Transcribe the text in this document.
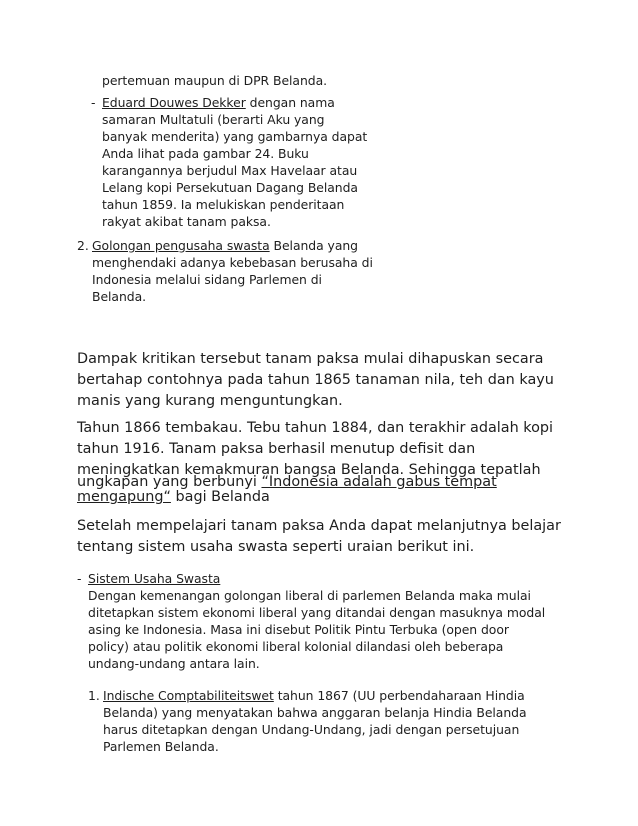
pertemuan maupun di DPR Belanda.

- Eduard Douwes Dekker dengan nama

samaran Multatuli (berarti Aku yang

banyak menderita) yang gambarnya dapat

Anda lihat pada gambar 24. Buku

karangannya berjudul Max Havelaar atau

Lelang kopi Persekutuan Dagang Belanda

tahun 1859. Ia melukiskan penderitaan

rakyat akibat tanam paksa.

2. Golongan pengusaha swasta Belanda yang

menghendaki adanya kebebasan berusaha di

Indonesia melalui sidang Parlemen di

Belanda.

Dampak kritikan tersebut tanam paksa mulai dihapuskan secara

bertahap contohnya pada tahun 1865 tanaman nila, teh dan kayu

manis yang kurang menguntungkan.

Tahun 1866 tembakau. Tebu tahun 1884, dan terakhir adalah kopi

tahun 1916. Tanam paksa berhasil menutup defisit dan

meningkatkan kemakmuran bangsa Belanda. Sehingga tepatlah

ungkapan yang berbunyi “Indonesia adalah gabus tempat

mengapung“ bagi Belanda

Setelah mempelajari tanam paksa Anda dapat melanjutnya belajar

tentang sistem usaha swasta seperti uraian berikut ini.

- Sistem Usaha Swasta

Dengan kemenangan golongan liberal di parlemen Belanda maka mulai

ditetapkan sistem ekonomi liberal yang ditandai dengan masuknya modal

asing ke Indonesia. Masa ini disebut Politik Pintu Terbuka (open door

policy) atau politik ekonomi liberal kolonial dilandasi oleh beberapa

undang-undang antara lain.

1. Indische Comptabiliteitswet tahun 1867 (UU perbendaharaan Hindia

Belanda) yang menyatakan bahwa anggaran belanja Hindia Belanda

harus ditetapkan dengan Undang-Undang, jadi dengan persetujuan

Parlemen Belanda.
